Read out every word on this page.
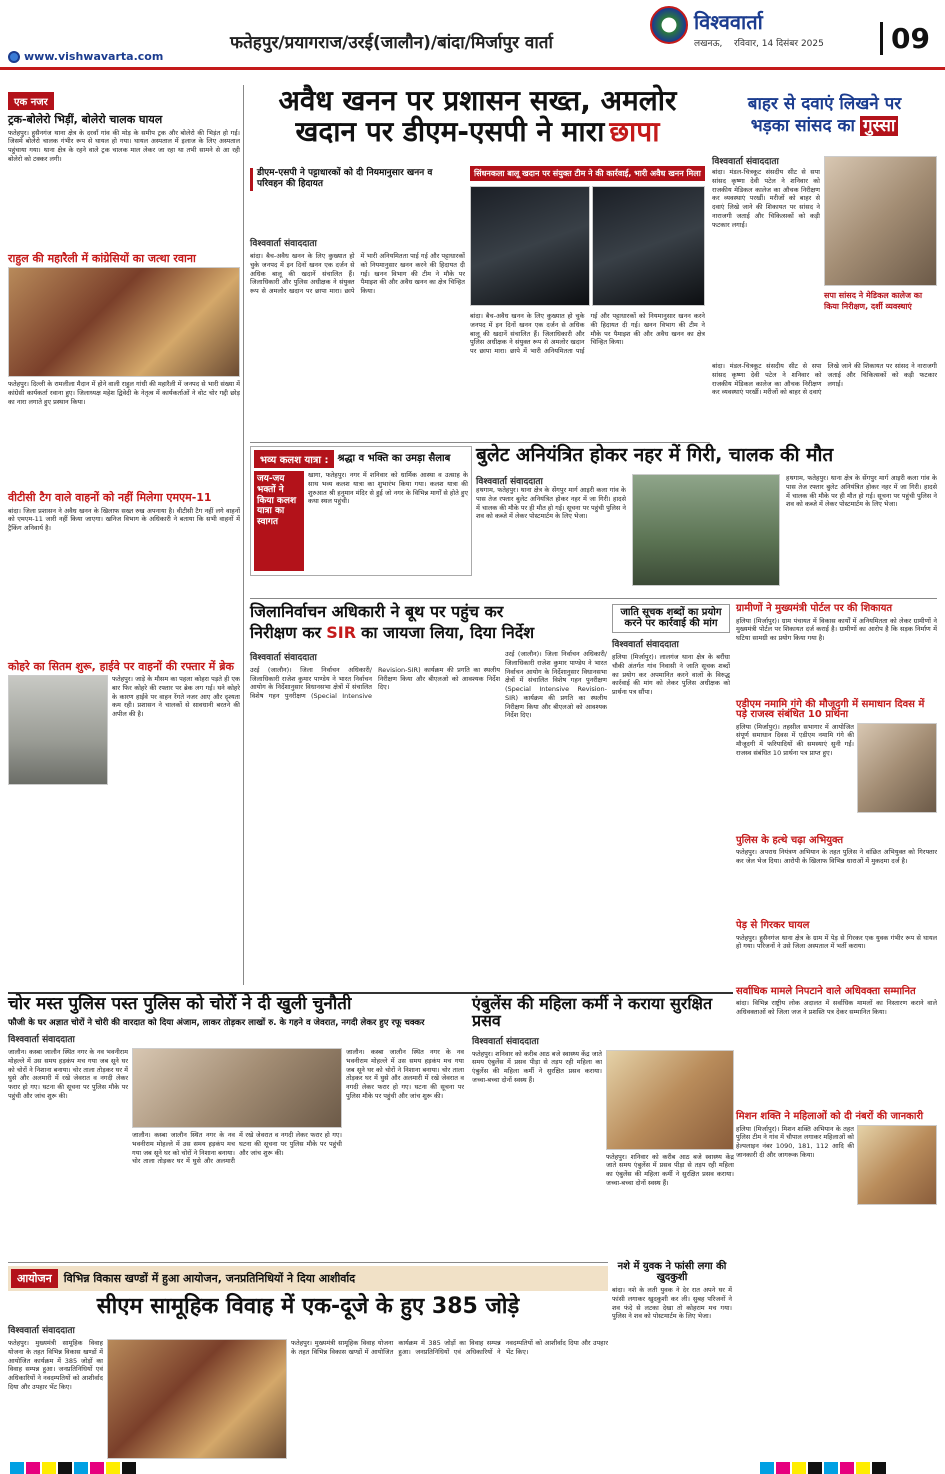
फतेहपुर/प्रयागराज/उरई(जालौन)/बांदा/मिर्जापुर वार्ता
www.vishwavarta.com
विश्ववार्ता
लखनऊ, रविवार, 14 दिसंबर 2025	09
एक नजर
ट्रक-बोलेरो भिड़ीं, बोलेरो चालक घायल
फतेहपुर। हुसैनगंज थाना क्षेत्र के दरवाँ गांव की मोड़ के समीप ट्रक और बोलेरो की भिड़ंत हो गई। जिसमें बोलेरो चालक गंभीर रूप से घायल हो गया। घायल अस्पताल में इलाज के लिए अस्पताल पहुंचाया गया। थाना क्षेत्र के रहने वाले ट्रक चालक माल लेकर जा रहा था तभी सामने से आ रही बोलेरो को टक्कर लगी।
राहुल की महारैली में कांग्रेसियों का जत्था रवाना
फतेहपुर। दिल्ली के रामलीला मैदान में होने वाली राहुल गांधी की महारैली में जनपद से भारी संख्या में कांग्रेसी कार्यकर्ता रवाना हुए। जिलाध्यक्ष महेश द्विवेदी के नेतृत्व में कार्यकर्ताओं ने वोट चोर गद्दी छोड़ का नारा लगाते हुए प्रस्थान किया।
वीटीसी टैग वाले वाहनों को नहीं मिलेगा एमएम-11
बांदा। जिला प्रशासन ने अवैध खनन के खिलाफ सख्त रुख अपनाया है। वीटीसी टैग नहीं लगे वाहनों को एमएम-11 जारी नहीं किया जाएगा। खनिज विभाग के अधिकारी ने बताया कि सभी वाहनों में ट्रैकिंग अनिवार्य है।
कोहरे का सितम शुरू, हाईवे पर वाहनों की रफ्तार में ब्रेक
फतेहपुर। जाड़े के मौसम का पहला कोहरा पड़ते ही एक बार फिर कोहरे की रफ्तार पर ब्रेक लग गई। घने कोहरे के कारण हाईवे पर वाहन रेंगते नजर आए और दृश्यता कम रही। प्रशासन ने चालकों से सावधानी बरतने की अपील की है।
अवैध खनन पर प्रशासन सख्त, अमलोर
खदान पर डीएम-एसपी ने मारा छापा
डीएम-एसपी ने पट्टाधारकों को दी नियमानुसार खनन व परिवहन की हिदायत
सिंधनकला बालू खदान पर संयुक्त टीम ने की कार्रवाई, भारी अवैध खनन मिला
विश्ववार्ता संवाददाता
बांदा। बैच-अवैध खनन के लिए कुख्यात हो चुके जनपद में इन दिनों खनन एक दर्जन से अधिक बालू की खदानें संचालित हैं। जिलाधिकारी और पुलिस अधीक्षक ने संयुक्त रूप से अमलोर खदान पर छापा मारा। छापे में भारी अनियमितता पाई गई और पट्टाधारकों को नियमानुसार खनन करने की हिदायत दी गई। खनन विभाग की टीम ने मौके पर पैमाइश की और अवैध खनन का क्षेत्र चिन्हित किया।
बांदा। बैच-अवैध खनन के लिए कुख्यात हो चुके जनपद में इन दिनों खनन एक दर्जन से अधिक बालू की खदानें संचालित हैं। जिलाधिकारी और पुलिस अधीक्षक ने संयुक्त रूप से अमलोर खदान पर छापा मारा। छापे में भारी अनियमितता पाई गई और पट्टाधारकों को नियमानुसार खनन करने की हिदायत दी गई। खनन विभाग की टीम ने मौके पर पैमाइश की और अवैध खनन का क्षेत्र चिन्हित किया।
बाहर से दवाएं लिखने पर
भड़का सांसद का गुस्सा
विश्ववार्ता संवाददाता
बांदा। मंडल-चित्रकूट संसदीय सीट से सपा सांसद कृष्णा देवी पटेल ने शनिवार को राजकीय मेडिकल कालेज का औचक निरीक्षण कर व्यवस्थाएं परखीं। मरीजों को बाहर से दवाएं लिखे जाने की शिकायत पर सांसद ने नाराजगी जताई और चिकित्सकों को कड़ी फटकार लगाई।
सपा सांसद ने मेडिकल कालेज का किया निरीक्षण, दर्शी व्यवस्थाएं
बांदा। मंडल-चित्रकूट संसदीय सीट से सपा सांसद कृष्णा देवी पटेल ने शनिवार को राजकीय मेडिकल कालेज का औचक निरीक्षण कर व्यवस्थाएं परखीं। मरीजों को बाहर से दवाएं लिखे जाने की शिकायत पर सांसद ने नाराजगी जताई और चिकित्सकों को कड़ी फटकार लगाई।
भव्य कलश यात्रा : श्रद्धा व भक्ति का उमड़ा सैलाब
जय-जय भक्तों ने किया कलश यात्रा का स्वागत
खागा, फतेहपुर। नगर में शनिवार को धार्मिक आस्था व उत्साह के साथ भव्य कलश यात्रा का शुभारंभ किया गया। कलश यात्रा की शुरुआत श्री हनुमान मंदिर से हुई जो नगर के विभिन्न मार्गों से होते हुए कथा स्थल पहुंची।
बुलेट अनियंत्रित होकर नहर में गिरी, चालक की मौत
विश्ववार्ता संवाददाता
हथगाम, फतेहपुर। थाना क्षेत्र के सेंगपुर मार्ग आइरी कला गांव के पास तेज रफ्तार बुलेट अनियंत्रित होकर नहर में जा गिरी। हादसे में चालक की मौके पर ही मौत हो गई। सूचना पर पहुंची पुलिस ने शव को कब्जे में लेकर पोस्टमार्टम के लिए भेजा।
हथगाम, फतेहपुर। थाना क्षेत्र के सेंगपुर मार्ग आइरी कला गांव के पास तेज रफ्तार बुलेट अनियंत्रित होकर नहर में जा गिरी। हादसे में चालक की मौके पर ही मौत हो गई। सूचना पर पहुंची पुलिस ने शव को कब्जे में लेकर पोस्टमार्टम के लिए भेजा।
जिलानिर्वाचन अधिकारी ने बूथ पर पहुंच कर
निरीक्षण कर SIR का जायजा लिया, दिया निर्देश
विश्ववार्ता संवाददाता
उरई (जालौन)। जिला निर्वाचन अधिकारी/जिलाधिकारी राजेश कुमार पाण्डेय ने भारत निर्वाचन आयोग के निर्देशानुसार विधानसभा क्षेत्रों में संचालित विशेष गहन पुनरीक्षण (Special Intensive Revision-SIR) कार्यक्रम की प्रगति का स्थलीय निरीक्षण किया और बीएलओ को आवश्यक निर्देश दिए।
उरई (जालौन)। जिला निर्वाचन अधिकारी/जिलाधिकारी राजेश कुमार पाण्डेय ने भारत निर्वाचन आयोग के निर्देशानुसार विधानसभा क्षेत्रों में संचालित विशेष गहन पुनरीक्षण (Special Intensive Revision-SIR) कार्यक्रम की प्रगति का स्थलीय निरीक्षण किया और बीएलओ को आवश्यक निर्देश दिए।
जाति सूचक शब्दों का प्रयोग करने पर कार्रवाई की मांग
विश्ववार्ता संवाददाता
हलिया (मिर्जापुर)। लालगंज थाना क्षेत्र के बरौंधा चौकी अंतर्गत गांव निवासी ने जाति सूचक शब्दों का प्रयोग कर अपमानित करने वालों के विरुद्ध कार्रवाई की मांग को लेकर पुलिस अधीक्षक को प्रार्थना पत्र सौंपा।
ग्रामीणों ने मुख्यमंत्री पोर्टल पर की शिकायत
हलिया (मिर्जापुर)। ग्राम पंचायत में विकास कार्यों में अनियमितता को लेकर ग्रामीणों ने मुख्यमंत्री पोर्टल पर शिकायत दर्ज कराई है। ग्रामीणों का आरोप है कि सड़क निर्माण में घटिया सामग्री का प्रयोग किया गया है।
एडीएम नमामि गंगे की मौजूदगी में समाधान दिवस में पड़े राजस्व संबंधित 10 प्रार्थना
हलिया (मिर्जापुर)। तहसील सभागार में आयोजित संपूर्ण समाधान दिवस में एडीएम नमामि गंगे की मौजूदगी में फरियादियों की समस्याएं सुनी गईं। राजस्व संबंधित 10 प्रार्थना पत्र प्राप्त हुए।
पुलिस के हत्थे चढ़ा अभियुक्त
फतेहपुर। अपराध नियंत्रण अभियान के तहत पुलिस ने वांछित अभियुक्त को गिरफ्तार कर जेल भेज दिया। आरोपी के खिलाफ विभिन्न धाराओं में मुकदमा दर्ज है।
पेड़ से गिरकर घायल
फतेहपुर। हुसैनगंज थाना क्षेत्र के ग्राम में पेड़ से गिरकर एक युवक गंभीर रूप से घायल हो गया। परिजनों ने उसे जिला अस्पताल में भर्ती कराया।
सर्वाधिक मामले निपटाने वाले अधिवक्ता सम्मानित
बांदा। विभिन्न राष्ट्रीय लोक अदालत में सर्वाधिक मामलों का निस्तारण कराने वाले अधिवक्ताओं को जिला जज ने प्रशस्ति पत्र देकर सम्मानित किया।
मिशन शक्ति ने महिलाओं को दी नंबरों की जानकारी
हलिया (मिर्जापुर)। मिशन शक्ति अभियान के तहत पुलिस टीम ने गांव में चौपाल लगाकर महिलाओं को हेल्पलाइन नंबर 1090, 181, 112 आदि की जानकारी दी और जागरूक किया।
चोर मस्त पुलिस पस्त पुलिस को चोरों ने दी खुली चुनौती
फौजी के घर अज्ञात चोरों ने चोरी की वारदात को दिया अंजाम, लाकर तोड़कर लाखों रु. के गहने व जेवरात, नगदी लेकर हुए रफू चक्कर
विश्ववार्ता संवाददाता
जालौन। कस्बा जालौन स्थित नगर के नव भवनीराम मोहल्ले में उस समय हड़कंप मच गया जब सूने घर को चोरों ने निशाना बनाया। चोर ताला तोड़कर घर में घुसे और अलमारी में रखे जेवरात व नगदी लेकर फरार हो गए। घटना की सूचना पर पुलिस मौके पर पहुंची और जांच शुरू की।
जालौन। कस्बा जालौन स्थित नगर के नव भवनीराम मोहल्ले में उस समय हड़कंप मच गया जब सूने घर को चोरों ने निशाना बनाया। चोर ताला तोड़कर घर में घुसे और अलमारी में रखे जेवरात व नगदी लेकर फरार हो गए। घटना की सूचना पर पुलिस मौके पर पहुंची और जांच शुरू की।
जालौन। कस्बा जालौन स्थित नगर के नव भवनीराम मोहल्ले में उस समय हड़कंप मच गया जब सूने घर को चोरों ने निशाना बनाया। चोर ताला तोड़कर घर में घुसे और अलमारी में रखे जेवरात व नगदी लेकर फरार हो गए। घटना की सूचना पर पुलिस मौके पर पहुंची और जांच शुरू की।
एंबुलेंस की महिला कर्मी ने कराया सुरक्षित प्रसव
विश्ववार्ता संवाददाता
फतेहपुर। शनिवार को करीब आठ बजे स्वास्थ्य केंद्र जाते समय एंबुलेंस में प्रसव पीड़ा से तड़प रही महिला का एंबुलेंस की महिला कर्मी ने सुरक्षित प्रसव कराया। जच्चा-बच्चा दोनों स्वस्थ हैं।
फतेहपुर। शनिवार को करीब आठ बजे स्वास्थ्य केंद्र जाते समय एंबुलेंस में प्रसव पीड़ा से तड़प रही महिला का एंबुलेंस की महिला कर्मी ने सुरक्षित प्रसव कराया। जच्चा-बच्चा दोनों स्वस्थ हैं।
नशे में युवक ने फांसी लगा की खुदकुशी
बांदा। नशे के लती युवक ने देर रात अपने घर में फांसी लगाकर खुदकुशी कर ली। सुबह परिजनों ने शव फंदे से लटका देखा तो कोहराम मच गया। पुलिस ने शव को पोस्टमार्टम के लिए भेजा।
आयोजन	विभिन्न विकास खण्डों में हुआ आयोजन, जनप्रतिनिधियों ने दिया आशीर्वाद
सीएम सामूहिक विवाह में एक-दूजे के हुए 385 जोड़े
विश्ववार्ता संवाददाता
फतेहपुर। मुख्यमंत्री सामूहिक विवाह योजना के तहत विभिन्न विकास खण्डों में आयोजित कार्यक्रम में 385 जोड़ों का विवाह सम्पन्न हुआ। जनप्रतिनिधियों एवं अधिकारियों ने नवदम्पतियों को आशीर्वाद दिया और उपहार भेंट किए।
फतेहपुर। मुख्यमंत्री सामूहिक विवाह योजना के तहत विभिन्न विकास खण्डों में आयोजित कार्यक्रम में 385 जोड़ों का विवाह सम्पन्न हुआ। जनप्रतिनिधियों एवं अधिकारियों ने नवदम्पतियों को आशीर्वाद दिया और उपहार भेंट किए।
